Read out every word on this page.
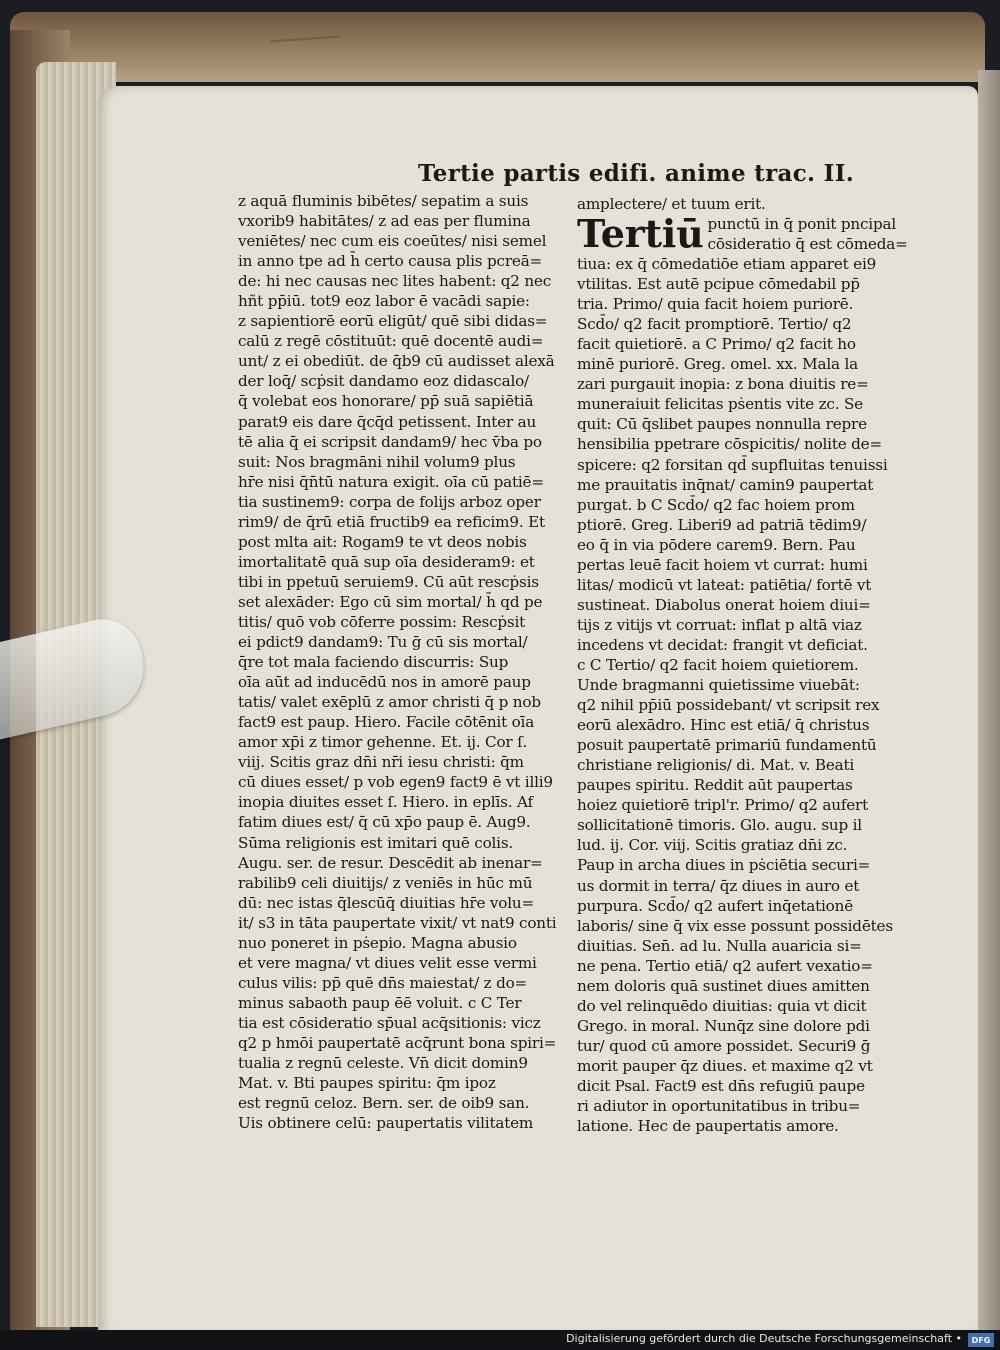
Tertie partis edifi. anime trac. II.
z aquā fluminis bibētes/ sepatim a suis
vxorib9 habitātes/ z ad eas per flumina
veniētes/ nec cum eis coeūtes/ nisi semel
in anno tpe ad h̄ certo causa plis pcreā=
de: hi nec causas nec lites habent: q2 nec
hñt pp̄iū. tot9 eoz labor ē vacādi sapie:
z sapientiorē eorū eligūt/ quē sibi didas=
calū z regē cōstituūt: quē docentē audi=
unt/ z ei obediūt. de q̄b9 cū audisset alexā
der loq̄/ scṗsit dandamo eoz didascalo/
q̄ volebat eos honorare/ pp̄ suā sapiētiā
parat9 eis dare q̄cq̄d petissent. Inter au
tē alia q̄ ei scripsit dandam9/ hec v̄ba po
suit: Nos bragmāni nihil volum9 plus
hr̄e nisi q̄n̄tū natura exigit. oīa cū patiē=
tia sustinem9: corpa de folijs arboz oper
rim9/ de q̄rū etiā fructib9 ea reficim9. Et
post mlta ait: Rogam9 te vt deos nobis
imortalitatē quā sup oīa desideram9: et
tibi in ppetuū seruiem9. Cū aūt rescṗsis
set alexāder: Ego cū sim mortal/ h̄ qd pe
titis/ quō vob cōferre possim: Rescṗsit
ei pdict9 dandam9: Tu ḡ cū sis mortal/
q̄re tot mala faciendo discurris: Sup
oīa aūt ad inducēdū nos in amorē paup
tatis/ valet exēplū z amor christi q̄ p nob
fact9 est paup. Hiero. Facile cōtēnit oīa
amor xp̄i z timor gehenne. Et. ij. Cor ſ.
viij. Scitis graz dn̄i nr̄i iesu christi: q̄m
cū diues esset/ p vob egen9 fact9 ē vt illi9
inopia diuites esset ſ. Hiero. in eplīs. Af
fatim diues est/ q̄ cū xp̄o paup ē. Aug9.
Sūma religionis est imitari quē colis.
Augu. ser. de resur. Descēdit ab inenar=
rabilib9 celi diuitijs/ z veniēs in hūc mū
dū: nec istas q̄lescūq̄ diuitias hr̄e volu=
it/ s3 in tāta paupertate vixit/ vt nat9 conti
nuo poneret in pṡepio. Magna abusio
et vere magna/ vt diues velit esse vermi
culus vilis: pp̄ quē dn̄s maiestat/ z do=
minus sabaoth paup ēē voluit. c C Ter
tia est cōsideratio sp̄ual acq̄sitionis: vicz
q2 p hmōi paupertatē acq̄runt bona spiri=
tualia z regnū celeste. Vn̄ dicit domin9
Mat. v. Bti paupes spiritu: q̄m ipoz
est regnū celoz. Bern. ser. de oib9 san.
Uis obtinere celū: paupertatis vilitatem
amplectere/ et tuum erit.
Tertiū punctū in q̄ ponit pncipal
cōsideratio q̄ est cōmeda=
tiua: ex q̄ cōmedatiōe etiam apparet ei9
vtilitas. Est autē pcipue cōmedabil pp̄
tria. Primo/ quia facit hoiem puriorē.
Scd̄o/ q2 facit promptiorē. Tertio/ q2
facit quietiorē. a C Primo/ q2 facit ho
minē puriorē. Greg. omel. xx. Mala la
zari purgauit inopia: z bona diuitis re=
muneraiuit felicitas pṡentis vite zc. Se
quit: Cū q̄slibet paupes nonnulla repre
hensibilia ppetrare cōspicitis/ nolite de=
spicere: q2 forsitan qd̄ supfluitas tenuissi
me prauitatis inq̄nat/ camin9 paupertat
purgat. b C Scd̄o/ q2 fac hoiem prom
ptiorē. Greg. Liberi9 ad patriā tēdim9/
eo q̄ in via pōdere carem9. Bern. Pau
pertas leuē facit hoiem vt currat: humi
litas/ modicū vt lateat: patiētia/ fortē vt
sustineat. Diabolus onerat hoiem diui=
tijs z vitijs vt corruat: inflat p altā viaz
incedens vt decidat: frangit vt deficiat.
c C Tertio/ q2 facit hoiem quietiorem.
Unde bragmanni quietissime viuebāt:
q2 nihil pp̄iū possidebant/ vt scripsit rex
eorū alexādro. Hinc est etiā/ q̄ christus
posuit paupertatē primariū fundamentū
christiane religionis/ di. Mat. v. Beati
paupes spiritu. Reddit aūt paupertas
hoiez quietiorē tripl'r. Primo/ q2 aufert
sollicitationē timoris. Glo. augu. sup il
lud. ij. Cor. viij. Scitis gratiaz dn̄i zc.
Paup in archa diues in pṡciētia securi=
us dormit in terra/ q̄z diues in auro et
purpura. Scd̄o/ q2 aufert inq̄etationē
laboris/ sine q̄ vix esse possunt possidētes
diuitias. Sen̄. ad lu. Nulla auaricia si=
ne pena. Tertio etiā/ q2 aufert vexatio=
nem doloris quā sustinet diues amitten
do vel relinquēdo diuitias: quia vt dicit
Grego. in moral. Nunq̄z sine dolore pdi
tur/ quod cū amore possidet. Securi9 ḡ
morit pauper q̄z diues. et maxime q2 vt
dicit Psal. Fact9 est dn̄s refugiū paupe
ri adiutor in oportunitatibus in tribu=
latione. Hec de paupertatis amore.
Digitalisierung gefördert durch die Deutsche Forschungsgemeinschaft •	DFG
